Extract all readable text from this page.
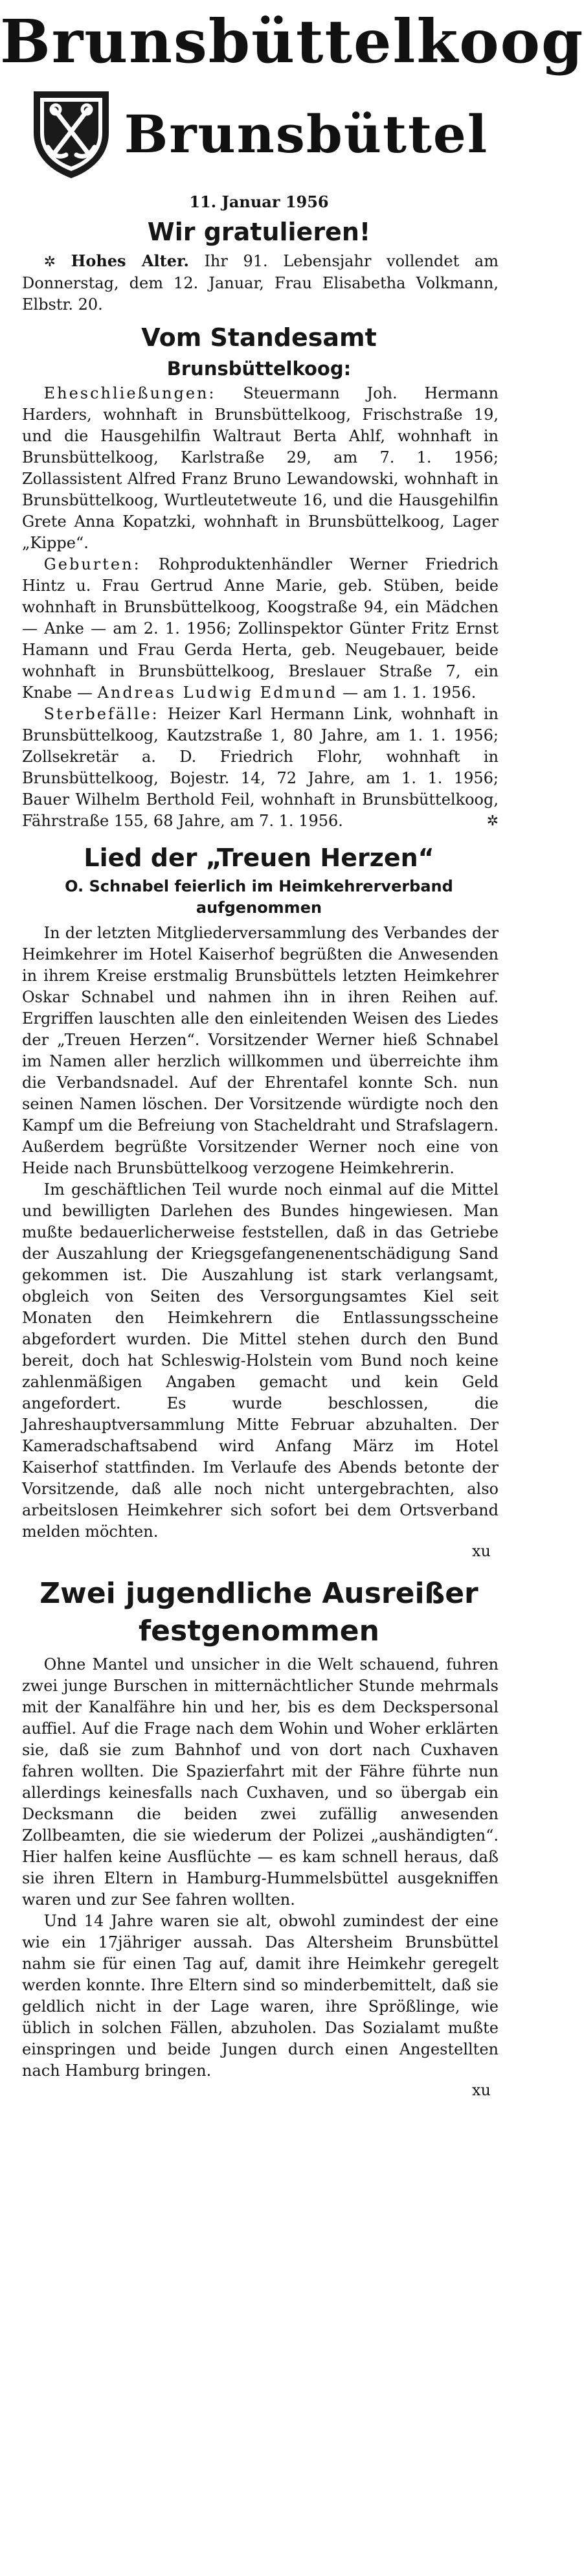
Brunsbüttelkoog
Brunsbüttel
11. Januar 1956
Wir gratulieren!

✲ Hohes Alter. Ihr 91. Lebensjahr vollendet am Donnerstag, dem 12. Januar, Frau Elisabetha Volkmann, Elbstr. 20.

Vom Standesamt
Brunsbüttelkoog:

Eheschließungen: Steuermann Joh. Hermann Harders, wohnhaft in Brunsbüttelkoog, Frischstraße 19, und die Hausgehilfin Waltraut Berta Ahlf, wohnhaft in Brunsbüttelkoog, Karlstraße 29, am 7. 1. 1956; Zollassistent Alfred Franz Bruno Lewandowski, wohnhaft in Brunsbüttelkoog, Wurtleutetweute 16, und die Hausgehilfin Grete Anna Kopatzki, wohnhaft in Brunsbüttelkoog, Lager „Kippe“.

Geburten: Rohproduktenhändler Werner Friedrich Hintz u. Frau Gertrud Anne Marie, geb. Stüben, beide wohnhaft in Brunsbüttelkoog, Koogstraße 94, ein Mädchen — Anke — am 2. 1. 1956; Zollinspektor Günter Fritz Ernst Hamann und Frau Gerda Herta, geb. Neugebauer, beide wohnhaft in Brunsbüttelkoog, Breslauer Straße 7, ein Knabe — Andreas Ludwig Edmund — am 1. 1. 1956.

Sterbefälle: Heizer Karl Hermann Link, wohnhaft in Brunsbüttelkoog, Kautzstraße 1, 80 Jahre, am 1. 1. 1956; Zollsekretär a. D. Friedrich Flohr, wohnhaft in Brunsbüttelkoog, Bojestr. 14, 72 Jahre, am 1. 1. 1956; Bauer Wilhelm Berthold Feil, wohnhaft in Brunsbüttelkoog, Fährstraße 155, 68 Jahre, am 7. 1. 1956.	✲

Lied der „Treuen Herzen“
O. Schnabel feierlich im Heimkehrerverband aufgenommen

In der letzten Mitgliederversammlung des Verbandes der Heimkehrer im Hotel Kaiserhof begrüßten die Anwesenden in ihrem Kreise erstmalig Brunsbüttels letzten Heimkehrer Oskar Schnabel und nahmen ihn in ihren Reihen auf. Ergriffen lauschten alle den einleitenden Weisen des Liedes der „Treuen Herzen“. Vorsitzender Werner hieß Schnabel im Namen aller herzlich willkommen und überreichte ihm die Verbandsnadel. Auf der Ehrentafel konnte Sch. nun seinen Namen löschen. Der Vorsitzende würdigte noch den Kampf um die Befreiung von Stacheldraht und Strafslagern. Außerdem begrüßte Vorsitzender Werner noch eine von Heide nach Brunsbüttelkoog verzogene Heimkehrerin.

Im geschäftlichen Teil wurde noch einmal auf die Mittel und bewilligten Darlehen des Bundes hingewiesen. Man mußte bedauerlicherweise feststellen, daß in das Getriebe der Auszahlung der Kriegsgefangenenentschädigung Sand gekommen ist. Die Auszahlung ist stark verlangsamt, obgleich von Seiten des Versorgungsamtes Kiel seit Monaten den Heimkehrern die Entlassungsscheine abgefordert wurden. Die Mittel stehen durch den Bund bereit, doch hat Schleswig-Holstein vom Bund noch keine zahlenmäßigen Angaben gemacht und kein Geld angefordert. Es wurde beschlossen, die Jahreshauptversammlung Mitte Februar abzuhalten. Der Kameradschaftsabend wird Anfang März im Hotel Kaiserhof stattfinden. Im Verlaufe des Abends betonte der Vorsitzende, daß alle noch nicht untergebrachten, also arbeitslosen Heimkehrer sich sofort bei dem Ortsverband melden möchten.

xu
Zwei jugendliche Ausreißer festgenommen

Ohne Mantel und unsicher in die Welt schauend, fuhren zwei junge Burschen in mitternächtlicher Stunde mehrmals mit der Kanalfähre hin und her, bis es dem Deckspersonal auffiel. Auf die Frage nach dem Wohin und Woher erklärten sie, daß sie zum Bahnhof und von dort nach Cuxhaven fahren wollten. Die Spazierfahrt mit der Fähre führte nun allerdings keinesfalls nach Cuxhaven, und so übergab ein Decksmann die beiden zwei zufällig anwesenden Zollbeamten, die sie wiederum der Polizei „aushändigten“. Hier halfen keine Ausflüchte — es kam schnell heraus, daß sie ihren Eltern in Hamburg-Hummelsbüttel ausgekniffen waren und zur See fahren wollten.

Und 14 Jahre waren sie alt, obwohl zumindest der eine wie ein 17jähriger aussah. Das Altersheim Brunsbüttel nahm sie für einen Tag auf, damit ihre Heimkehr geregelt werden konnte. Ihre Eltern sind so minderbemittelt, daß sie geldlich nicht in der Lage waren, ihre Sprößlinge, wie üblich in solchen Fällen, abzuholen. Das Sozialamt mußte einspringen und beide Jungen durch einen Angestellten nach Hamburg bringen.

xu
